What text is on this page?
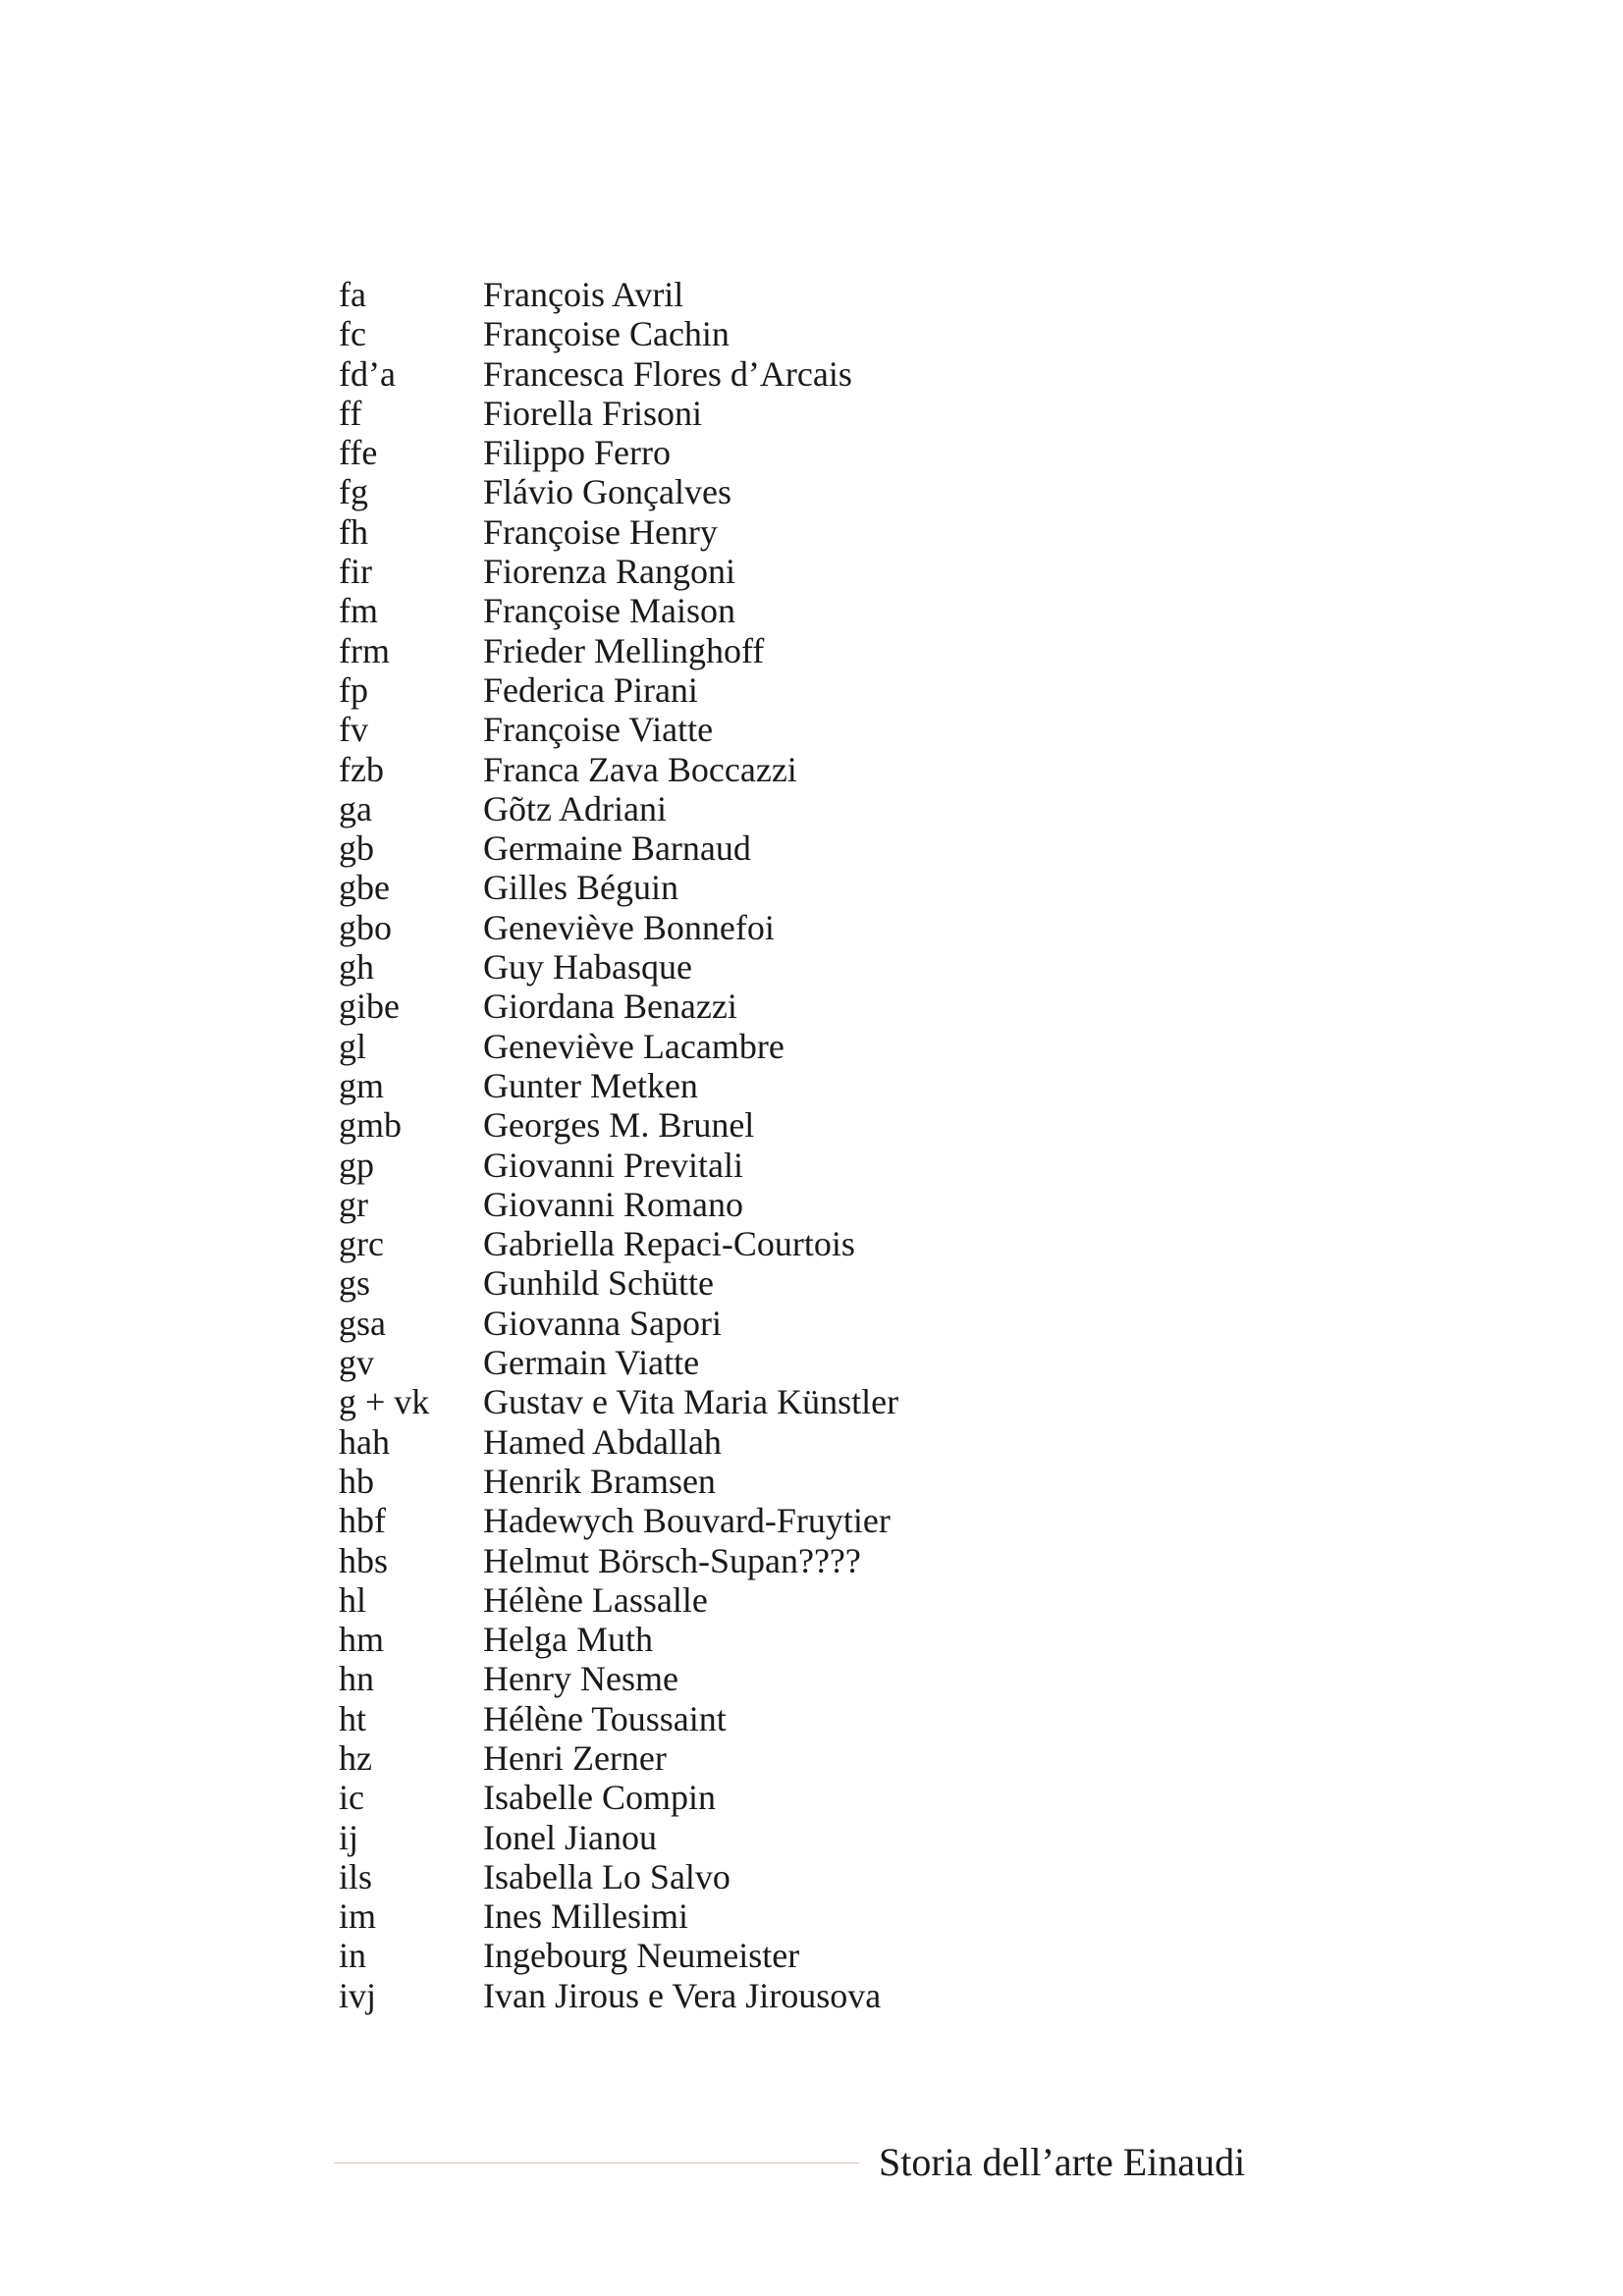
fa	François Avril
fc	Françoise Cachin
fd’a	Francesca Flores d’Arcais
ff	Fiorella Frisoni
ffe	Filippo Ferro
fg	Flávio Gonçalves
fh	Françoise Henry
fir	Fiorenza Rangoni
fm	Françoise Maison
frm	Frieder Mellinghoff
fp	Federica Pirani
fv	Françoise Viatte
fzb	Franca Zava Boccazzi
ga	Gõtz Adriani
gb	Germaine Barnaud
gbe	Gilles Béguin
gbo	Geneviève Bonnefoi
gh	Guy Habasque
gibe	Giordana Benazzi
gl	Geneviève Lacambre
gm	Gunter Metken
gmb	Georges M. Brunel
gp	Giovanni Previtali
gr	Giovanni Romano
grc	Gabriella Repaci-Courtois
gs	Gunhild Schütte
gsa	Giovanna Sapori
gv	Germain Viatte
g + vk	Gustav e Vita Maria Künstler
hah	Hamed Abdallah
hb	Henrik Bramsen
hbf	Hadewych Bouvard-Fruytier
hbs	Helmut Börsch-Supan????
hl	Hélène Lassalle
hm	Helga Muth
hn	Henry Nesme
ht	Hélène Toussaint
hz	Henri Zerner
ic	Isabelle Compin
ij	Ionel Jianou
ils	Isabella Lo Salvo
im	Ines Millesimi
in	Ingebourg Neumeister
ivj	Ivan Jirous e Vera Jirousova
Storia dell’arte Einaudi
